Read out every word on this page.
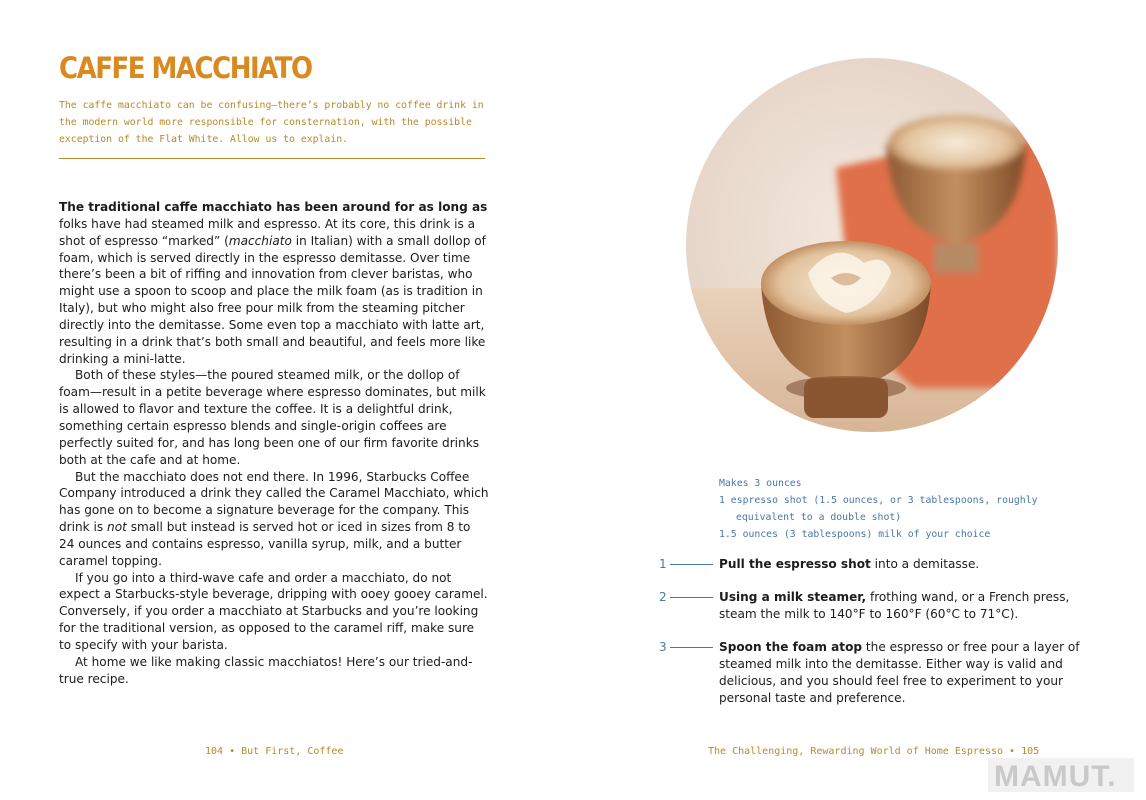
CAFFE MACCHIATO

The caffe macchiato can be confusing—there’s probably no coffee drink in the modern world more responsible for consternation, with the possible exception of the Flat White. Allow us to explain.

The traditional caffe macchiato has been around for as long as folks have had steamed milk and espresso. At its core, this drink is a shot of espresso “marked” (macchiato in Italian) with a small dollop of foam, which is served directly in the espresso demitasse. Over time there’s been a bit of riffing and innovation from clever baristas, who might use a spoon to scoop and place the milk foam (as is tradition in Italy), but who might also free pour milk from the steaming pitcher directly into the demitasse. Some even top a macchiato with latte art, resulting in a drink that’s both small and beautiful, and feels more like drinking a mini-latte.

Both of these styles—the poured steamed milk, or the dollop of foam—result in a petite beverage where espresso dominates, but milk is allowed to flavor and texture the coffee. It is a delightful drink, something certain espresso blends and single-origin coffees are perfectly suited for, and has long been one of our firm favorite drinks both at the cafe and at home.

But the macchiato does not end there. In 1996, Starbucks Coffee Company introduced a drink they called the Caramel Macchiato, which has gone on to become a signature beverage for the company. This drink is not small but instead is served hot or iced in sizes from 8 to 24 ounces and contains espresso, vanilla syrup, milk, and a butter caramel topping.

If you go into a third-wave cafe and order a macchiato, do not expect a Starbucks-style beverage, dripping with ooey gooey caramel. Conversely, if you order a macchiato at Starbucks and you’re looking for the traditional version, as opposed to the caramel riff, make sure to specify with your barista.

At home we like making classic macchiatos! Here’s our tried-and-true recipe.

104 • But First, Coffee
Makes 3 ounces
1 espresso shot (1.5 ounces, or 3 tablespoons, roughly
equivalent to a double shot)
1.5 ounces (3 tablespoons) milk of your choice
1	Pull the espresso shot into a demitasse.
2	Using a milk steamer, frothing wand, or a French press, steam the milk to 140°F to 160°F (60°C to 71°C).
3	Spoon the foam atop the espresso or free pour a layer of steamed milk into the demitasse. Either way is valid and delicious, and you should feel free to experiment to your personal taste and preference.
The Challenging, Rewarding World of Home Espresso • 105
MAMUT.
